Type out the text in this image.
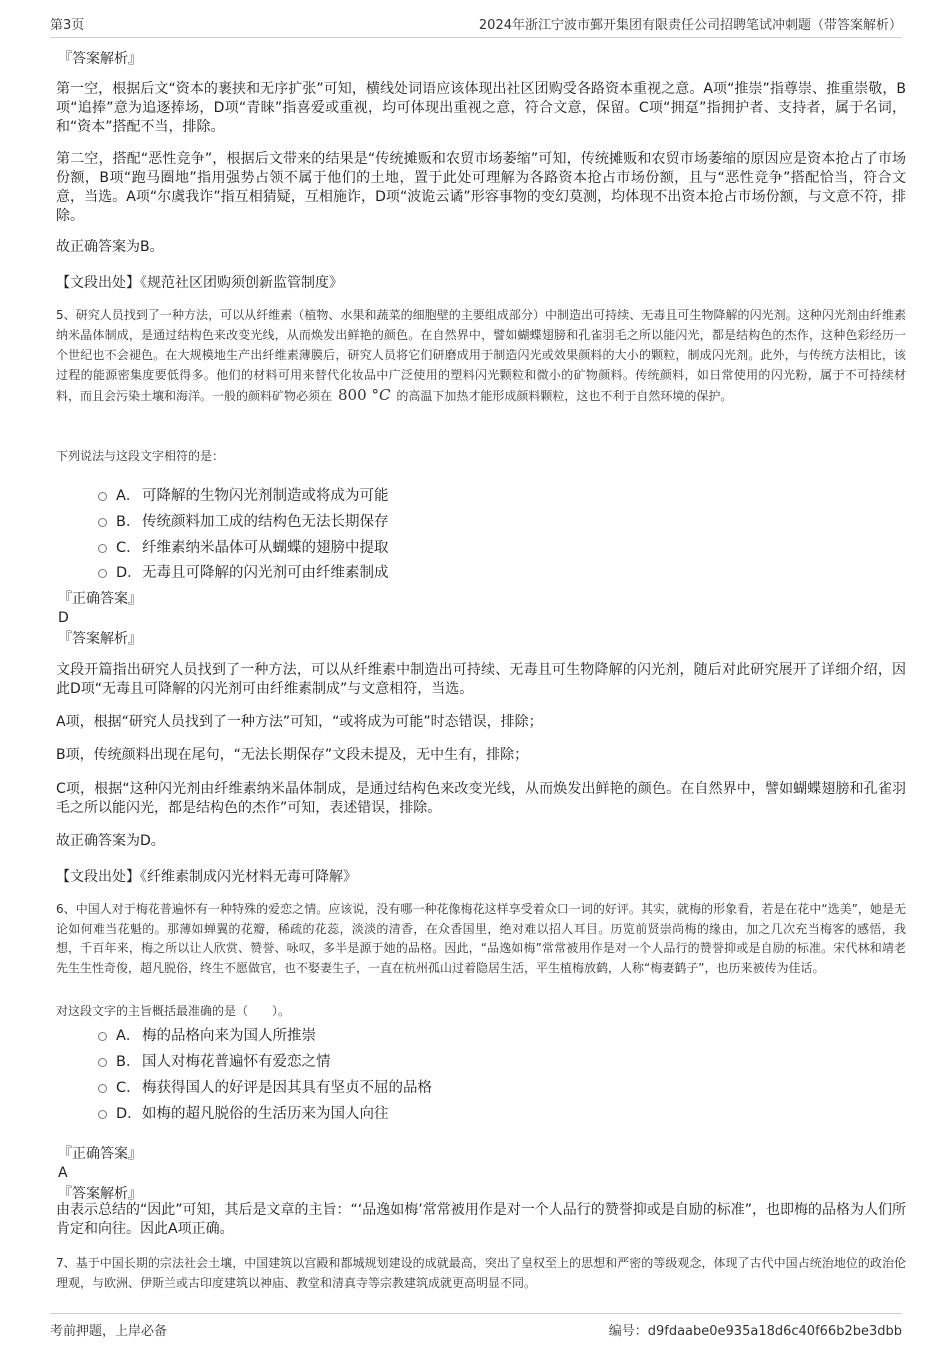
第3页	2024年浙江宁波市鄞开集团有限责任公司招聘笔试冲刺题（带答案解析）
『答案解析』

第一空，根据后文“资本的裹挟和无序扩张”可知，横线处词语应该体现出社区团购受各路资本重视之意。A项“推崇”指尊崇、推重崇敬，B项“追捧”意为追逐捧场，D项“青睐”指喜爱或重视，均可体现出重视之意，符合文意，保留。C项“拥趸”指拥护者、支持者，属于名词，和“资本”搭配不当，排除。

第二空，搭配“恶性竞争”，根据后文带来的结果是“传统摊贩和农贸市场萎缩”可知，传统摊贩和农贸市场萎缩的原因应是资本抢占了市场份额，B项“跑马圈地”指用强势占领不属于他们的土地，置于此处可理解为各路资本抢占市场份额，且与“恶性竞争”搭配恰当，符合文意，当选。A项“尔虞我诈”指互相猜疑，互相施诈，D项“波诡云谲”形容事物的变幻莫测，均体现不出资本抢占市场份额，与文意不符，排除。

故正确答案为B。

【文段出处】《规范社区团购须创新监管制度》

5、研究人员找到了一种方法，可以从纤维素（植物、水果和蔬菜的细胞壁的主要组成部分）中制造出可持续、无毒且可生物降解的闪光剂。这种闪光剂由纤维素纳米晶体制成，是通过结构色来改变光线，从而焕发出鲜艳的颜色。在自然界中，譬如蝴蝶翅膀和孔雀羽毛之所以能闪光，都是结构色的杰作，这种色彩经历一个世纪也不会褪色。在大规模地生产出纤维素薄膜后，研究人员将它们研磨成用于制造闪光或效果颜料的大小的颗粒，制成闪光剂。此外，与传统方法相比，该过程的能源密集度要低得多。他们的材料可用来替代化妆品中广泛使用的塑料闪光颗粒和微小的矿物颜料。传统颜料，如日常使用的闪光粉，属于不可持续材料，而且会污染土壤和海洋。一般的颜料矿物必须在 800 °C 的高温下加热才能形成颜料颗粒，这也不利于自然环境的保护。

下列说法与这段文字相符的是：

A． 可降解的生物闪光剂制造或将成为可能
B． 传统颜料加工成的结构色无法长期保存
C． 纤维素纳米晶体可从蝴蝶的翅膀中提取
D． 无毒且可降解的闪光剂可由纤维素制成
『正确答案』
D
『答案解析』

文段开篇指出研究人员找到了一种方法，可以从纤维素中制造出可持续、无毒且可生物降解的闪光剂，随后对此研究展开了详细介绍，因此D项“无毒且可降解的闪光剂可由纤维素制成”与文意相符，当选。

A项，根据“研究人员找到了一种方法”可知，“或将成为可能”时态错误，排除；

B项，传统颜料出现在尾句，“无法长期保存”文段未提及，无中生有，排除；

C项，根据“这种闪光剂由纤维素纳米晶体制成，是通过结构色来改变光线，从而焕发出鲜艳的颜色。在自然界中，譬如蝴蝶翅膀和孔雀羽毛之所以能闪光，都是结构色的杰作”可知，表述错误，排除。

故正确答案为D。

【文段出处】《纤维素制成闪光材料无毒可降解》

6、中国人对于梅花普遍怀有一种特殊的爱恋之情。应该说，没有哪一种花像梅花这样享受着众口一词的好评。其实，就梅的形象看，若是在花中“选美”，她是无论如何难当花魁的。那薄如蝉翼的花瓣，稀疏的花蕊，淡淡的清香，在众香国里，绝对难以招人耳目。历览前贤崇尚梅的缘由，加之几次充当梅客的感悟，我想，千百年来，梅之所以让人欣赏、赞誉、咏叹，多半是源于她的品格。因此，“品逸如梅”常常被用作是对一个人品行的赞誉抑或是自励的标准。宋代林和靖老先生生性奇俊，超凡脱俗，终生不愿做官，也不娶妻生子，一直在杭州孤山过着隐居生活，平生植梅放鹤，人称“梅妻鹤子”，也历来被传为佳话。

对这段文字的主旨概括最准确的是（　　）。

A． 梅的品格向来为国人所推崇
B． 国人对梅花普遍怀有爱恋之情
C． 梅获得国人的好评是因其具有坚贞不屈的品格
D． 如梅的超凡脱俗的生活历来为国人向往
『正确答案』
A
『答案解析』

由表示总结的“因此”可知，其后是文章的主旨：“‘品逸如梅’常常被用作是对一个人品行的赞誉抑或是自励的标准”，也即梅的品格为人们所肯定和向往。因此A项正确。

7、基于中国长期的宗法社会土壤，中国建筑以宫殿和都城规划建设的成就最高，突出了皇权至上的思想和严密的等级观念，体现了古代中国占统治地位的政治伦理观，与欧洲、伊斯兰或古印度建筑以神庙、教堂和清真寺等宗教建筑成就更高明显不同。

考前押题，上岸必备	编号：d9fdaabe0e935a18d6c40f66b2be3dbb
